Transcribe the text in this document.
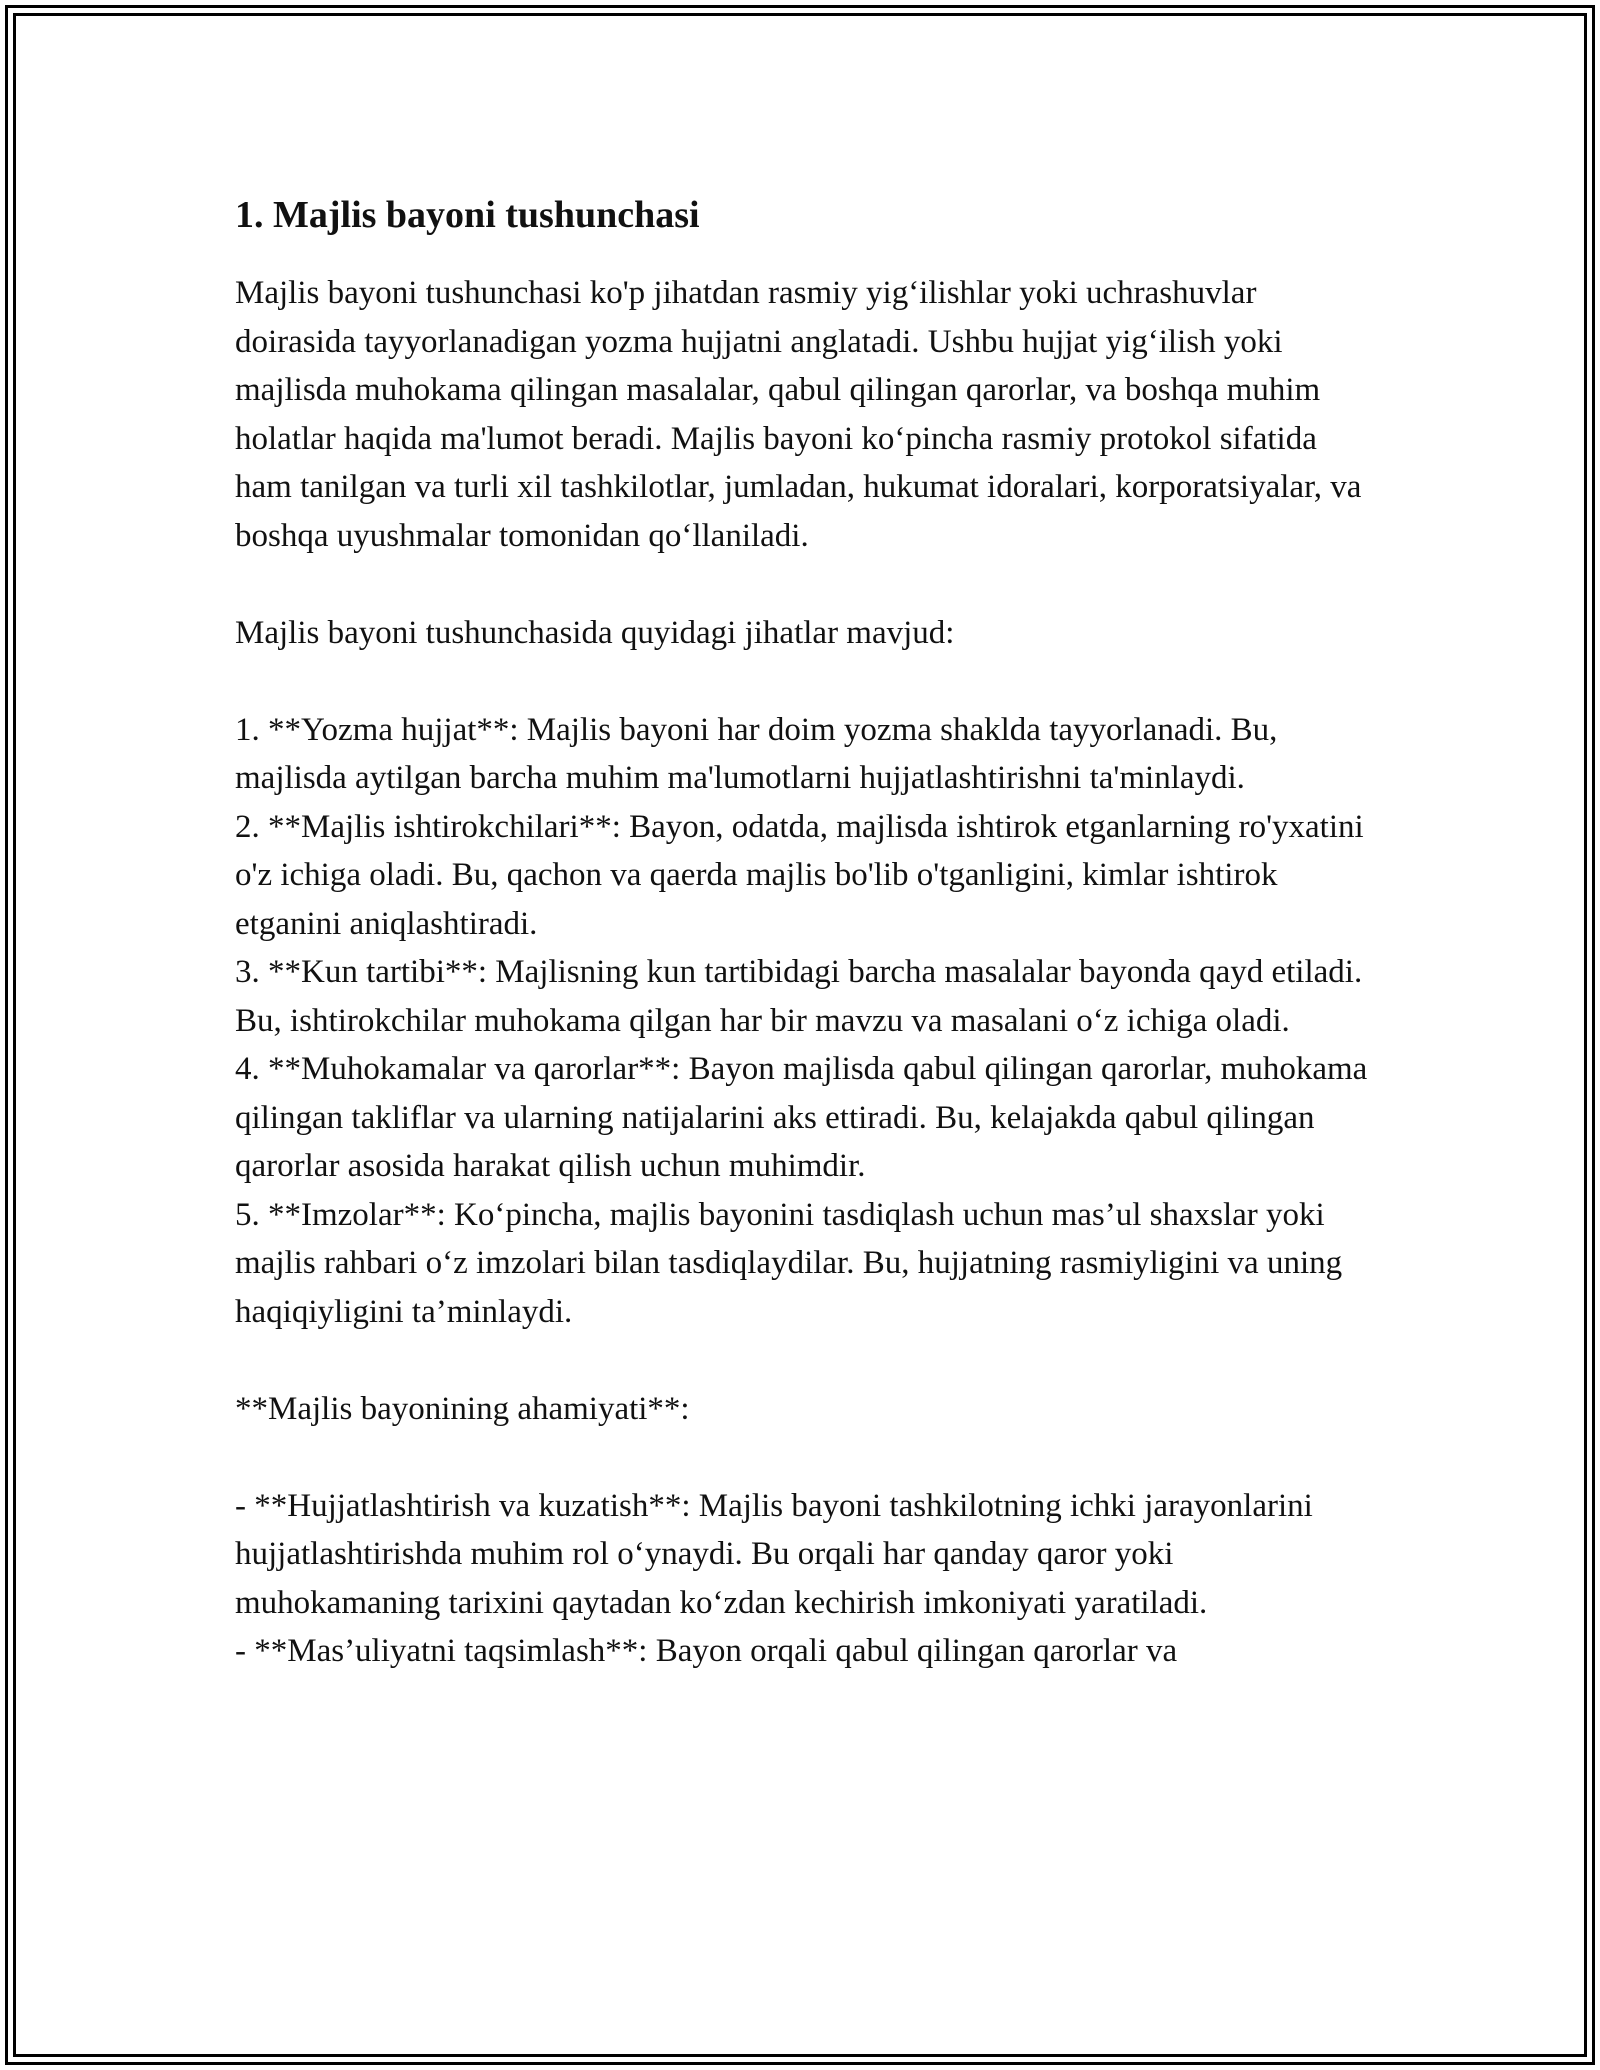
1. Majlis bayoni tushunchasi

Majlis bayoni tushunchasi ko'p jihatdan rasmiy yig‘ilishlar yoki uchrashuvlar doirasida tayyorlanadigan yozma hujjatni anglatadi. Ushbu hujjat yig‘ilish yoki majlisda muhokama qilingan masalalar, qabul qilingan qarorlar, va boshqa muhim holatlar haqida ma'lumot beradi. Majlis bayoni ko‘pincha rasmiy protokol sifatida ham tanilgan va turli xil tashkilotlar, jumladan, hukumat idoralari, korporatsiyalar, va boshqa uyushmalar tomonidan qo‘llaniladi.

Majlis bayoni tushunchasida quyidagi jihatlar mavjud:

1. **Yozma hujjat**: Majlis bayoni har doim yozma shaklda tayyorlanadi. Bu, majlisda aytilgan barcha muhim ma'lumotlarni hujjatlashtirishni ta'minlaydi.

2. **Majlis ishtirokchilari**: Bayon, odatda, majlisda ishtirok etganlarning ro'yxatini o'z ichiga oladi. Bu, qachon va qaerda majlis bo'lib o'tganligini, kimlar ishtirok etganini aniqlashtiradi.

3. **Kun tartibi**: Majlisning kun tartibidagi barcha masalalar bayonda qayd etiladi. Bu, ishtirokchilar muhokama qilgan har bir mavzu va masalani o‘z ichiga oladi.

4. **Muhokamalar va qarorlar**: Bayon majlisda qabul qilingan qarorlar, muhokama qilingan takliflar va ularning natijalarini aks ettiradi. Bu, kelajakda qabul qilingan qarorlar asosida harakat qilish uchun muhimdir.

5. **Imzolar**: Ko‘pincha, majlis bayonini tasdiqlash uchun mas’ul shaxslar yoki majlis rahbari o‘z imzolari bilan tasdiqlaydilar. Bu, hujjatning rasmiyligini va uning haqiqiyligini ta’minlaydi.

**Majlis bayonining ahamiyati**:

- **Hujjatlashtirish va kuzatish**: Majlis bayoni tashkilotning ichki jarayonlarini hujjatlashtirishda muhim rol o‘ynaydi. Bu orqali har qanday qaror yoki muhokamaning tarixini qaytadan ko‘zdan kechirish imkoniyati yaratiladi.

- **Mas’uliyatni taqsimlash**: Bayon orqali qabul qilingan qarorlar va
